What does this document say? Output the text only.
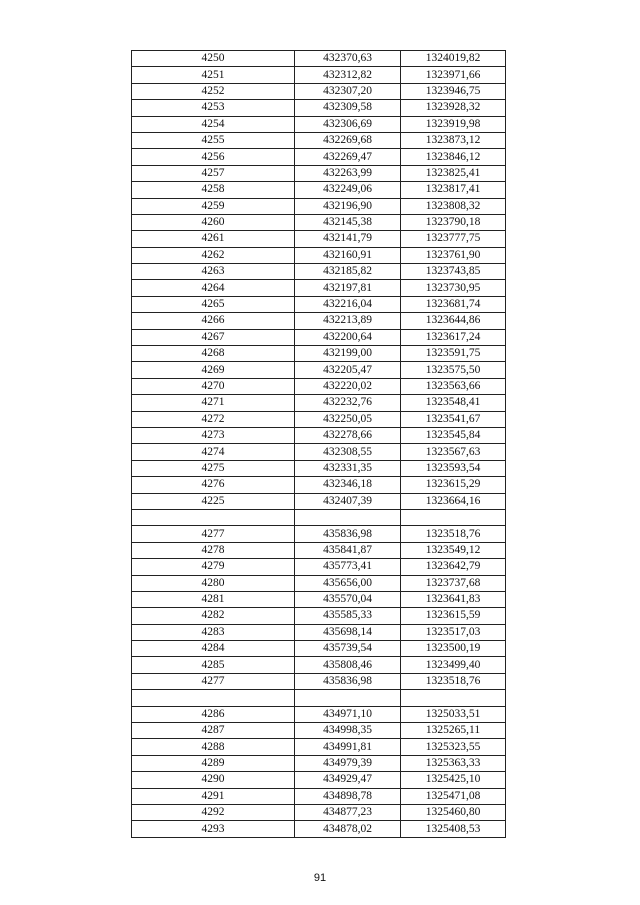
4250	432370,63	1324019,82
4251	432312,82	1323971,66
4252	432307,20	1323946,75
4253	432309,58	1323928,32
4254	432306,69	1323919,98
4255	432269,68	1323873,12
4256	432269,47	1323846,12
4257	432263,99	1323825,41
4258	432249,06	1323817,41
4259	432196,90	1323808,32
4260	432145,38	1323790,18
4261	432141,79	1323777,75
4262	432160,91	1323761,90
4263	432185,82	1323743,85
4264	432197,81	1323730,95
4265	432216,04	1323681,74
4266	432213,89	1323644,86
4267	432200,64	1323617,24
4268	432199,00	1323591,75
4269	432205,47	1323575,50
4270	432220,02	1323563,66
4271	432232,76	1323548,41
4272	432250,05	1323541,67
4273	432278,66	1323545,84
4274	432308,55	1323567,63
4275	432331,35	1323593,54
4276	432346,18	1323615,29
4225	432407,39	1323664,16

4277	435836,98	1323518,76
4278	435841,87	1323549,12
4279	435773,41	1323642,79
4280	435656,00	1323737,68
4281	435570,04	1323641,83
4282	435585,33	1323615,59
4283	435698,14	1323517,03
4284	435739,54	1323500,19
4285	435808,46	1323499,40
4277	435836,98	1323518,76

4286	434971,10	1325033,51
4287	434998,35	1325265,11
4288	434991,81	1325323,55
4289	434979,39	1325363,33
4290	434929,47	1325425,10
4291	434898,78	1325471,08
4292	434877,23	1325460,80
4293	434878,02	1325408,53
91
